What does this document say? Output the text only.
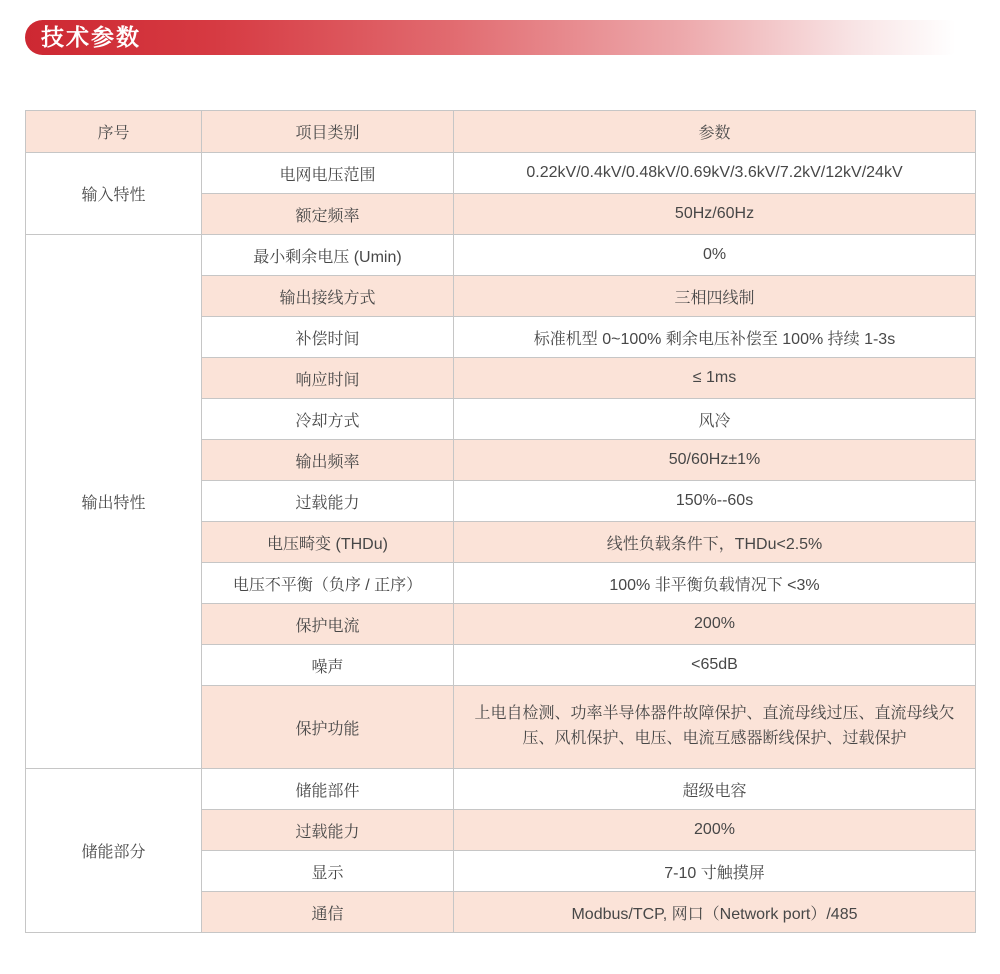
技术参数
序号	项目类别	参数
输入特性	电网电压范围	0.22kV/0.4kV/0.48kV/0.69kV/3.6kV/7.2kV/12kV/24kV
	额定频率	50Hz/60Hz
输出特性	最小剩余电压 (Umin)	0%
	输出接线方式	三相四线制
	补偿时间	标准机型 0~100% 剩余电压补偿至 100% 持续 1-3s
	响应时间	≤ 1ms
	冷却方式	风冷
	输出频率	50/60Hz±1%
	过载能力	150%--60s
	电压畸变 (THDu)	线性负载条件下，THDu<2.5%
	电压不平衡（负序 / 正序）	100% 非平衡负载情况下 <3%
	保护电流	200%
	噪声	<65dB
	保护功能	上电自检测、功率半导体器件故障保护、直流母线过压、直流母线欠压、风机保护、电压、电流互感器断线保护、过载保护
储能部分	储能部件	超级电容
	过载能力	200%
	显示	7-10 寸触摸屏
	通信	Modbus/TCP, 网口（Network port）/485
